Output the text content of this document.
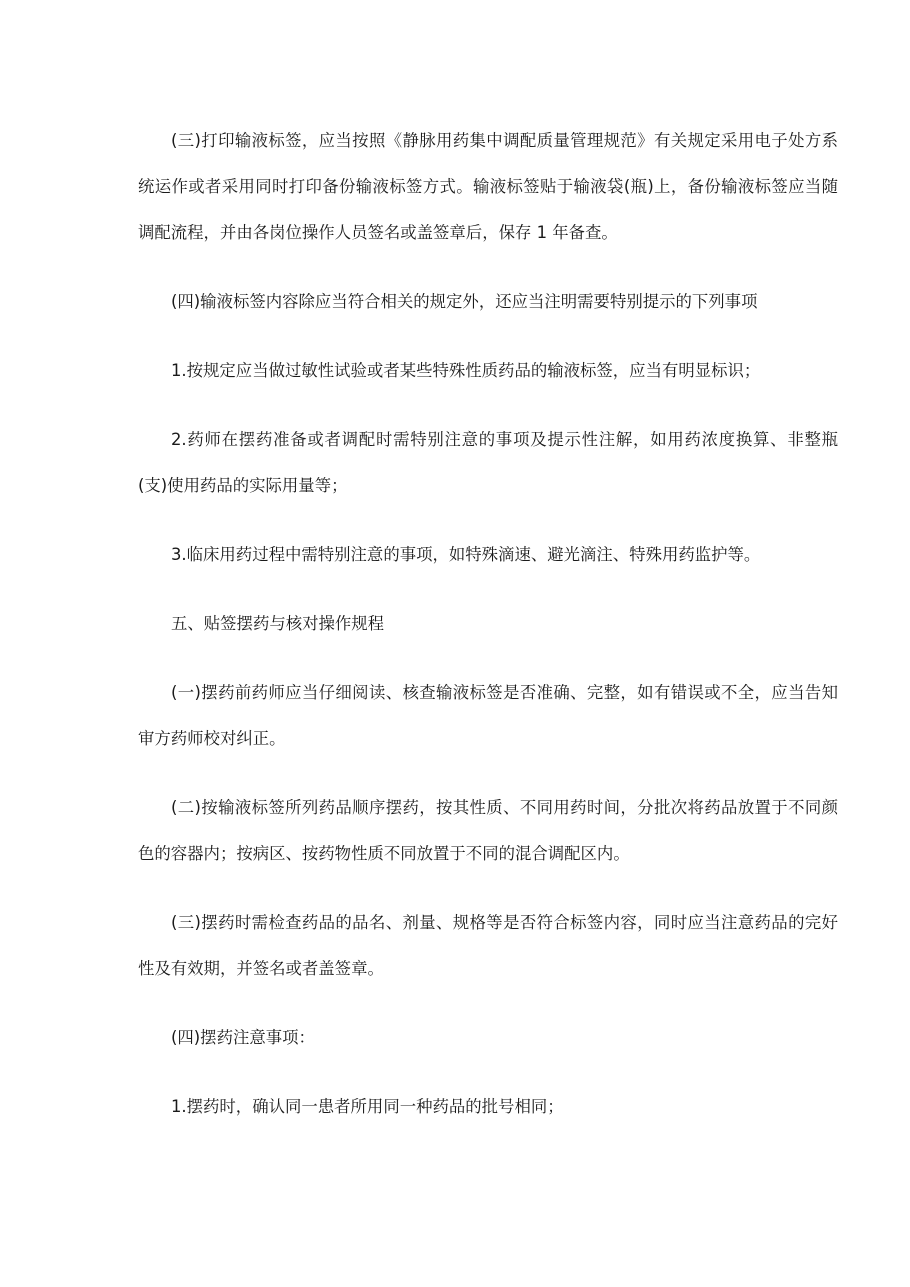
(三)打印输液标签，应当按照《静脉用药集中调配质量管理规范》有关规定采用电子处方系统运作或者采用同时打印备份输液标签方式。输液标签贴于输液袋(瓶)上，备份输液标签应当随调配流程，并由各岗位操作人员签名或盖签章后，保存 1 年备查。

(四)输液标签内容除应当符合相关的规定外，还应当注明需要特别提示的下列事项

1.按规定应当做过敏性试验或者某些特殊性质药品的输液标签，应当有明显标识；

2.药师在摆药准备或者调配时需特别注意的事项及提示性注解，如用药浓度换算、非整瓶(支)使用药品的实际用量等；

3.临床用药过程中需特别注意的事项，如特殊滴速、避光滴注、特殊用药监护等。

五、贴签摆药与核对操作规程

(一)摆药前药师应当仔细阅读、核查输液标签是否准确、完整，如有错误或不全，应当告知审方药师校对纠正。

(二)按输液标签所列药品顺序摆药，按其性质、不同用药时间，分批次将药品放置于不同颜色的容器内；按病区、按药物性质不同放置于不同的混合调配区内。

(三)摆药时需检查药品的品名、剂量、规格等是否符合标签内容，同时应当注意药品的完好性及有效期，并签名或者盖签章。

(四)摆药注意事项：

1.摆药时，确认同一患者所用同一种药品的批号相同；
